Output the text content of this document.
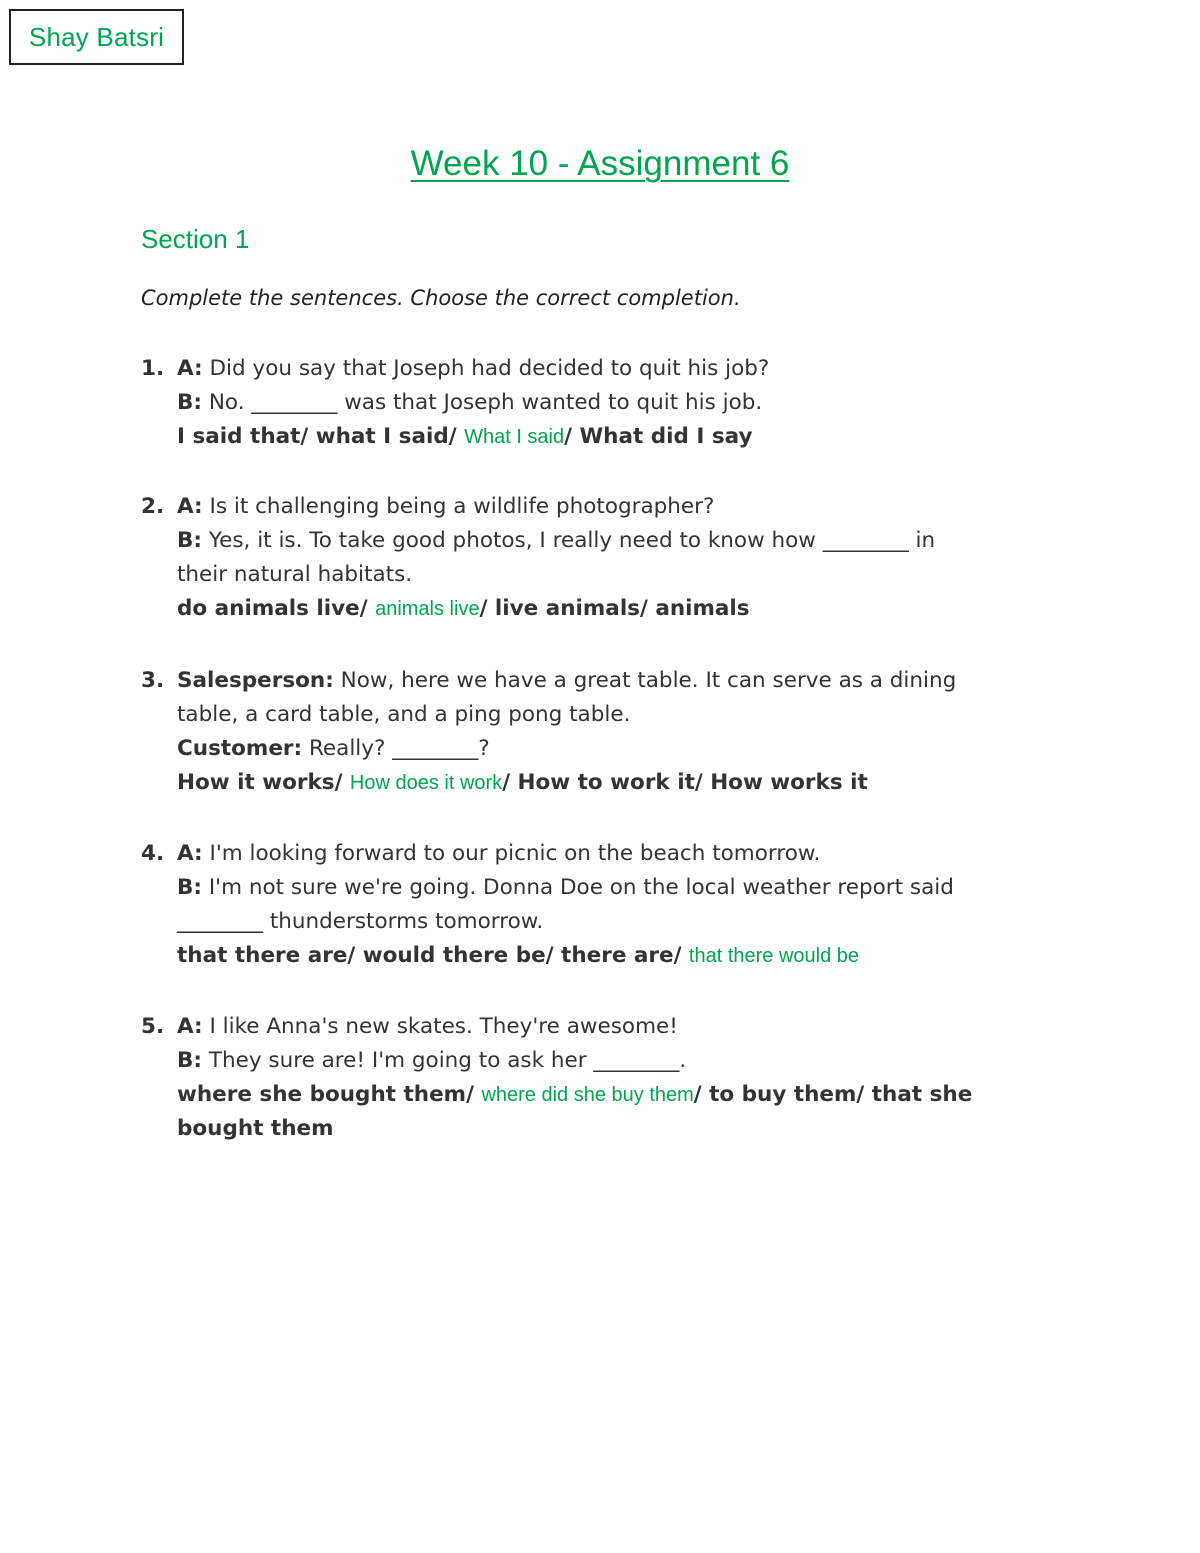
Shay Batsri
Week 10 - Assignment 6
Section 1
Complete the sentences. Choose the correct completion.
1. A: Did you say that Joseph had decided to quit his job?
B: No. ________ was that Joseph wanted to quit his job.
I said that/ what I said/ What I said/ What did I say
2. A: Is it challenging being a wildlife photographer?
B: Yes, it is. To take good photos, I really need to know how ________ in
their natural habitats.
do animals live/ animals live/ live animals/ animals
3. Salesperson: Now, here we have a great table. It can serve as a dining
table, a card table, and a ping pong table.
Customer: Really? ________?
How it works/ How does it work/ How to work it/ How works it
4. A: I'm looking forward to our picnic on the beach tomorrow.
B: I'm not sure we're going. Donna Doe on the local weather report said
________ thunderstorms tomorrow.
that there are/ would there be/ there are/ that there would be
5. A: I like Anna's new skates. They're awesome!
B: They sure are! I'm going to ask her ________.
where she bought them/ where did she buy them/ to buy them/ that she
bought them
